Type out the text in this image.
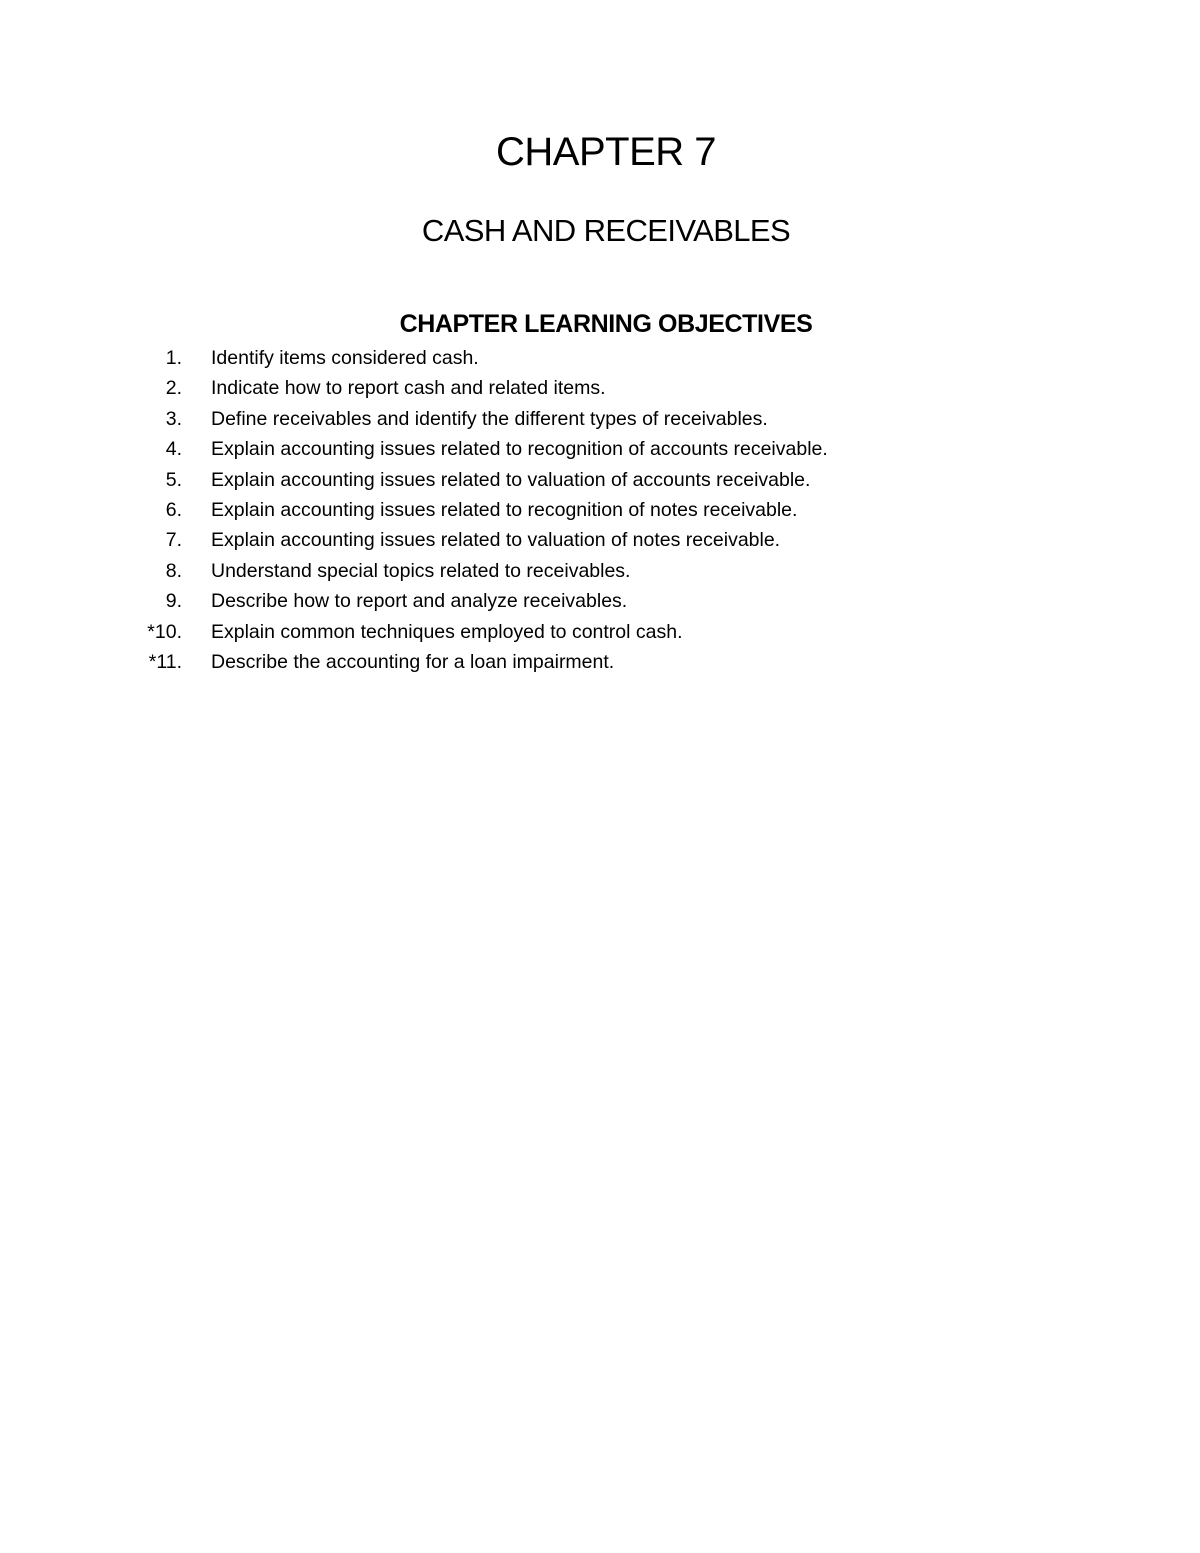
CHAPTER 7
CASH AND RECEIVABLES
CHAPTER LEARNING OBJECTIVES
1. Identify items considered cash.
2. Indicate how to report cash and related items.
3. Define receivables and identify the different types of receivables.
4. Explain accounting issues related to recognition of accounts receivable.
5. Explain accounting issues related to valuation of accounts receivable.
6. Explain accounting issues related to recognition of notes receivable.
7. Explain accounting issues related to valuation of notes receivable.
8. Understand special topics related to receivables.
9. Describe how to report and analyze receivables.
*10. Explain common techniques employed to control cash.
*11. Describe the accounting for a loan impairment.
